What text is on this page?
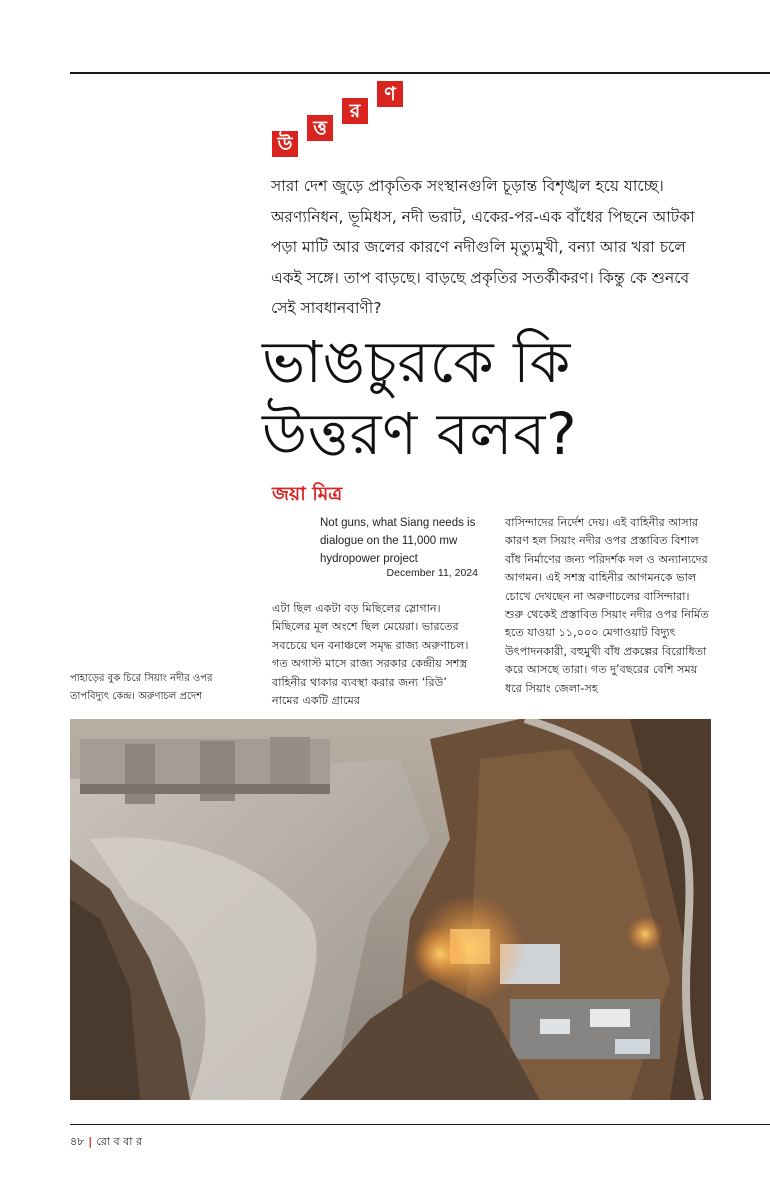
উ
ত্ত
র
ণ

সারা দেশ জুড়ে প্রাকৃতিক সংস্থানগুলি চূড়ান্ত বিশৃঙ্খল হয়ে যাচ্ছে। অরণ্যনিধন, ভূমিধস, নদী ভরাট, একের-পর-এক বাঁধের পিছনে আটকা পড়া মাটি আর জলের কারণে নদীগুলি মৃত্যুমুখী, বন্যা আর খরা চলে একই সঙ্গে। তাপ বাড়ছে। বাড়ছে প্রকৃতির সতর্কীকরণ। কিন্তু কে শুনবে সেই সাবধানবাণী?

ভাঙচুরকে কি উত্তরণ বলব?

জয়া মিত্র

Not guns, what Siang needs is dialogue on the 11,000 mw hydropower project

December 11, 2024

এটা ছিল একটা বড় মিছিলের স্লোগান। মিছিলের মূল অংশে ছিল মেয়েরা। ভারতের সবচেয়ে ঘন বনাঞ্চলে সমৃদ্ধ রাজ্য অরুণাচল। গত অগাস্ট মাসে রাজ্য সরকার কেন্দ্রীয় সশস্ত্র বাহিনীর থাকার ব্যবস্থা করার জন্য ‘রিউ’ নামের একটি গ্রামের

বাসিন্দাদের নির্দেশ দেয়। এই বাহিনীর আসার কারণ হল সিয়াং নদীর ওপর প্রস্তাবিত বিশাল বাঁধ নির্মাণের জন্য পরিদর্শক দল ও অন্যান্যদের আগমন। এই সশস্ত্র বাহিনীর আগমনকে ভাল চোখে দেখছেন না অরুণাচলের বাসিন্দারা। শুরু থেকেই প্রস্তাবিত সিয়াং নদীর ওপর নির্মিত হতে যাওয়া ১১,০০০ মেগাওয়াট বিদ্যুৎ উৎপাদনকারী, বহুমুখী বাঁধ প্রকল্পের বিরোধিতা করে আসছে তারা। গত দু’বছরের বেশি সময় ধরে সিয়াং জেলা-সহ

পাহাড়ের বুক চিরে সিয়াং নদীর ওপর তাপবিদ্যুৎ কেন্দ্র। অরুণাচল প্রদেশ

৪৮ | রো ব বা র
